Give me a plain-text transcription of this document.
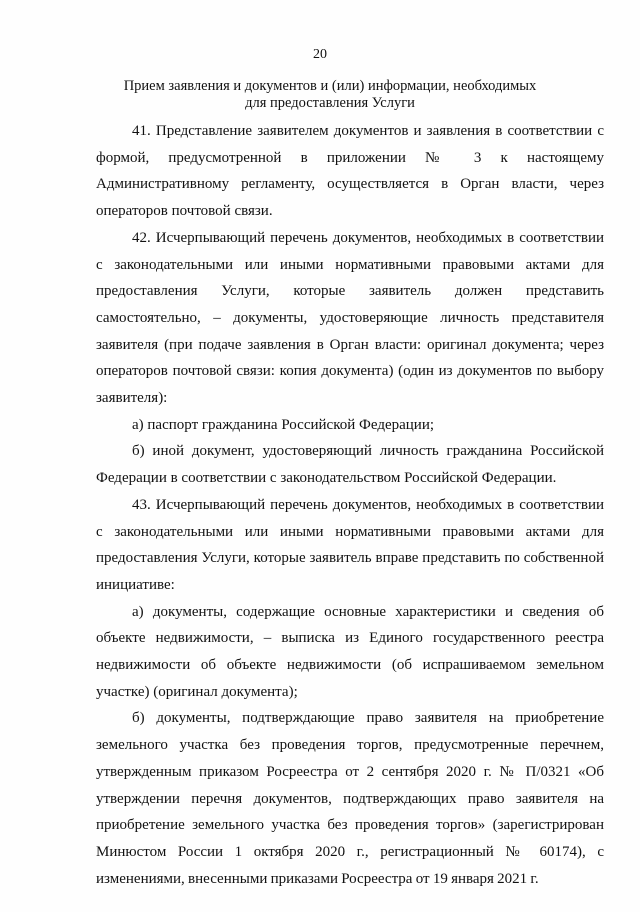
20
Прием заявления и документов и (или) информации, необходимых
для предоставления Услуги

41. Представление заявителем документов и заявления в соответствии с формой, предусмотренной в приложении № 3 к настоящему Административному регламенту, осуществляется в Орган власти, через операторов почтовой связи.

42. Исчерпывающий перечень документов, необходимых в соответствии с законодательными или иными нормативными правовыми актами для предоставления Услуги, которые заявитель должен представить самостоятельно, – документы, удостоверяющие личность представителя заявителя (при подаче заявления в Орган власти: оригинал документа; через операторов почтовой связи: копия документа) (один из документов по выбору заявителя):

а) паспорт гражданина Российской Федерации;

б) иной документ, удостоверяющий личность гражданина Российской Федерации в соответствии с законодательством Российской Федерации.

43. Исчерпывающий перечень документов, необходимых в соответствии с законодательными или иными нормативными правовыми актами для предоставления Услуги, которые заявитель вправе представить по собственной инициативе:

а) документы, содержащие основные характеристики и сведения об объекте недвижимости, – выписка из Единого государственного реестра недвижимости об объекте недвижимости (об испрашиваемом земельном участке) (оригинал документа);

б) документы, подтверждающие право заявителя на приобретение земельного участка без проведения торгов, предусмотренные перечнем, утвержденным приказом Росреестра от 2 сентября 2020 г. № П/0321 «Об утверждении перечня документов, подтверждающих право заявителя на приобретение земельного участка без проведения торгов» (зарегистрирован Минюстом России 1 октября 2020 г., регистрационный № 60174), с изменениями, внесенными приказами Росреестра от 19 января 2021 г.
